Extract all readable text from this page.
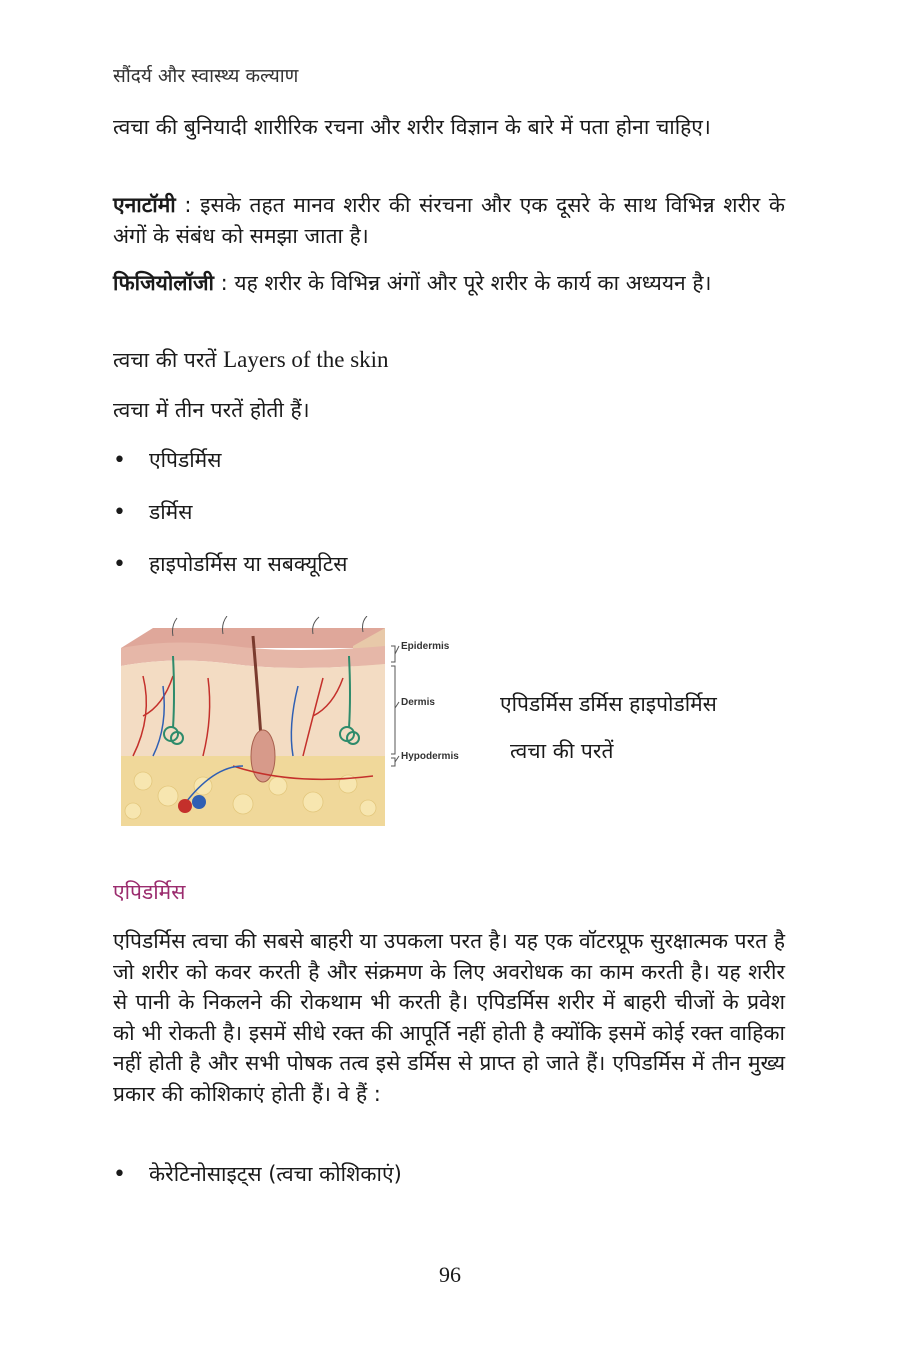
सौंदर्य और स्वास्थ्य कल्याण
त्वचा की बुनियादी शारीरिक रचना और शरीर विज्ञान के बारे में पता होना चाहिए।
एनाटॉमी : इसके तहत मानव शरीर की संरचना और एक दूसरे के साथ विभिन्न शरीर के अंगों के संबंध को समझा जाता है।
फिजियोलॉजी : यह शरीर के विभिन्न अंगों और पूरे शरीर के कार्य का अध्ययन है।
त्वचा की परतें Layers of the skin
त्वचा में तीन परतें होती हैं।
• एपिडर्मिस
• डर्मिस
• हाइपोडर्मिस या सबक्यूटिस
Epidermis
Dermis
Hypodermis
एपिडर्मिस डर्मिस हाइपोडर्मिस
त्वचा की परतें
एपिडर्मिस
एपिडर्मिस त्वचा की सबसे बाहरी या उपकला परत है। यह एक वॉटरप्रूफ सुरक्षात्मक परत है जो शरीर को कवर करती है और संक्रमण के लिए अवरोधक का काम करती है। यह शरीर से पानी के निकलने की रोकथाम भी करती है। एपिडर्मिस शरीर में बाहरी चीजों के प्रवेश को भी रोकती है। इसमें सीधे रक्त की आपूर्ति नहीं होती है क्योंकि इसमें कोई रक्त वाहिका नहीं होती है और सभी पोषक तत्व इसे डर्मिस से प्राप्त हो जाते हैं। एपिडर्मिस में तीन मुख्य प्रकार की कोशिकाएं होती हैं। वे हैं :
• केरेटिनोसाइट्स (त्वचा कोशिकाएं)
96
